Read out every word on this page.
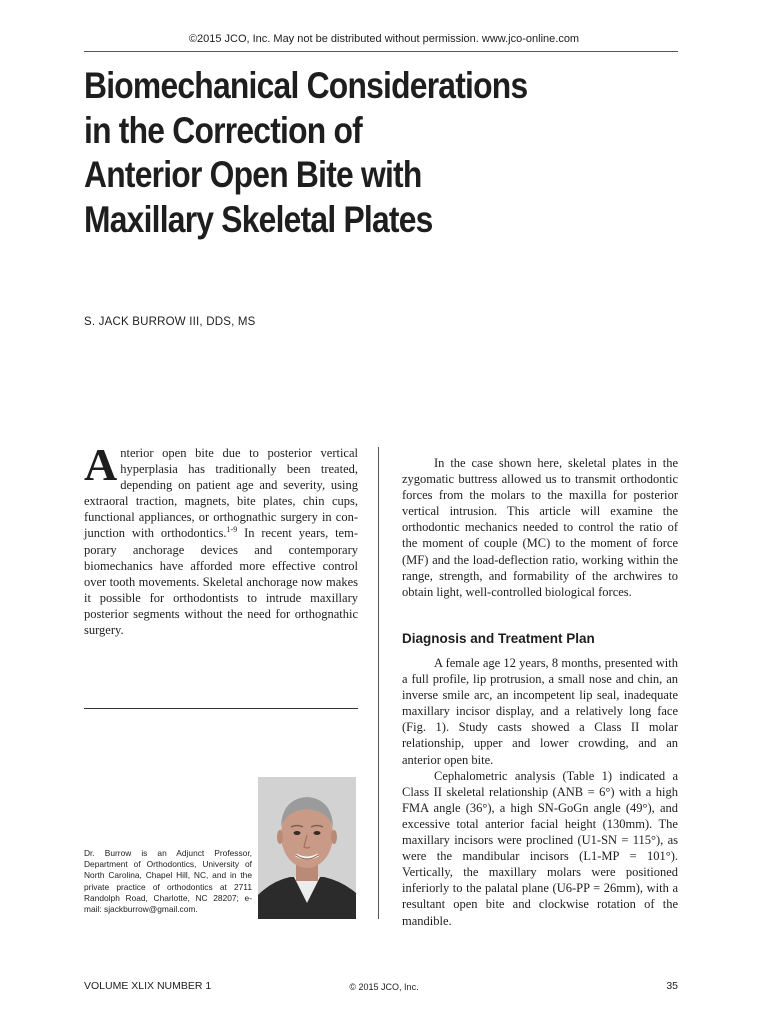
©2015 JCO, Inc. May not be distributed without permission. www.jco-online.com
Biomechanical Considerations
in the Correction of
Anterior Open Bite with
Maxillary Skeletal Plates
S. JACK BURROW III, DDS, MS

Anterior open bite due to posterior vertical hyperplasia has traditionally been treated, depending on patient age and severity, using extraoral traction, magnets, bite plates, chin cups, functional appliances, or orthognathic surgery in conjunction with orthodontics.$^{1-9}$ In recent years, temporary anchorage devices and contemporary biomechanics have afforded more effective control over tooth movements. Skeletal anchorage now makes it possible for orthodontists to intrude maxillary posterior segments without the need for orthognathic surgery.

In the case shown here, skeletal plates in the zygomatic buttress allowed us to transmit orthodontic forces from the molars to the maxilla for posterior vertical intrusion. This article will examine the orthodontic mechanics needed to control the ratio of the moment of couple (MC) to the moment of force (MF) and the load-deflection ratio, working within the range, strength, and formability of the archwires to obtain light, well-controlled biological forces.

Diagnosis and Treatment Plan

A female age 12 years, 8 months, presented with a full profile, lip protrusion, a small nose and chin, an inverse smile arc, an incompetent lip seal, inadequate maxillary incisor display, and a relatively long face (Fig. 1). Study casts showed a Class II molar relationship, upper and lower crowding, and an anterior open bite.

Cephalometric analysis (Table 1) indicated a Class II skeletal relationship (ANB = 6°) with a high FMA angle (36°), a high SN-GoGn angle (49°), and excessive total anterior facial height (130mm). The maxillary incisors were proclined (U1-SN = 115°), as were the mandibular incisors (L1-MP = 101°). Vertically, the maxillary molars were positioned inferiorly to the palatal plane (U6-PP = 26mm), with a resultant open bite and clockwise rotation of the mandible.

Dr. Burrow is an Adjunct Professor, Department of Orthodontics, University of North Carolina, Chapel Hill, NC, and in the private practice of orthodontics at 2711 Randolph Road, Charlotte, NC 28207; e-mail: sjackburrow@gmail.com.
VOLUME XLIX NUMBER 1	© 2015 JCO, Inc.	35
